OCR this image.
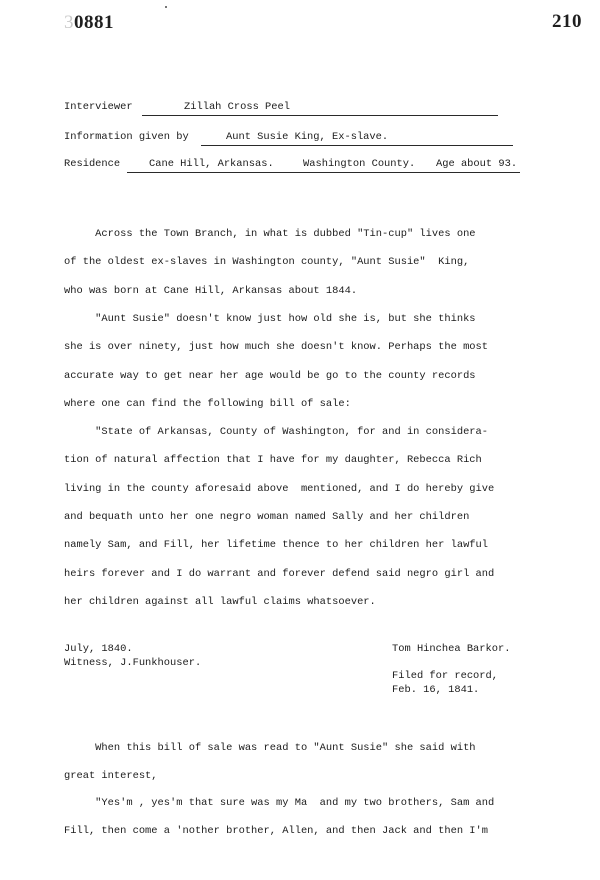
30881	210
Interviewer	Zillah Cross Peel
Information given by	Aunt Susie King, Ex-slave.
Residence	Cane Hill, Arkansas.	Washington County. Age about 93.
Across the Town Branch, in what is dubbed "Tin-cup" lives one
of the oldest ex-slaves in Washington county, "Aunt Susie"  King,
who was born at Cane Hill, Arkansas about 1844.
"Aunt Susie" doesn't know just how old she is, but she thinks
she is over ninety, just how much she doesn't know. Perhaps the most
accurate way to get near her age would be go to the county records
where one can find the following bill of sale:
"State of Arkansas, County of Washington, for and in considera-
tion of natural affection that I have for my daughter, Rebecca Rich
living in the county aforesaid above  mentioned, and I do hereby give
and bequath unto her one negro woman named Sally and her children
namely Sam, and Fill, her lifetime thence to her children her lawful
heirs forever and I do warrant and forever defend said negro girl and
her children against all lawful claims whatsoever.
July, 1840.
Witness, J.Funkhouser.
Tom Hinchea Barkor.
Filed for record,
Feb. 16, 1841.
When this bill of sale was read to "Aunt Susie" she said with
great interest,
"Yes'm , yes'm that sure was my Ma  and my two brothers, Sam and
Fill, then come a 'nother brother, Allen, and then Jack and then I'm
